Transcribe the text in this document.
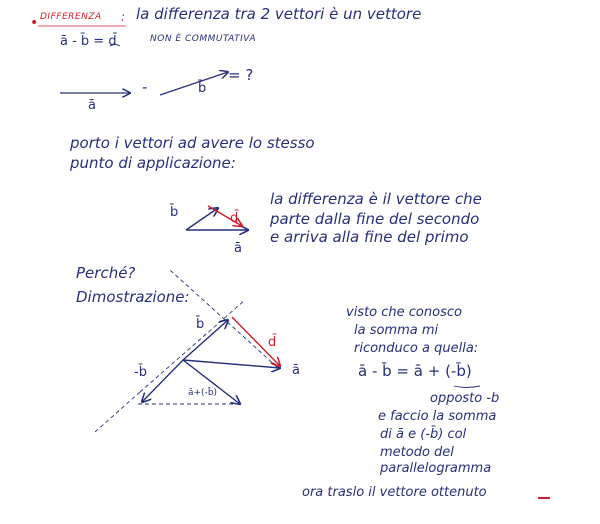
• DIFFERENZA : la differenza tra 2 vettori è un vettore
ā - b̄ = d̄	NON È COMMUTATIVA
ā
-	b̄
= ?
porto i vettori ad avere lo stesso
punto di applicazione:
b̄	d̄
ā
la differenza è il vettore che
parte dalla fine del secondo
e arriva alla fine del primo
Perché?
Dimostrazione:
b̄
-b̄
d̄
ā
ā+(-b̄)
visto che conosco
la somma mi
riconduco a quella:
ā - b̄ = ā + (-b̄)
opposto -b
e faccio la somma
di ā e (-b̄) col
metodo del
parallelogramma
ora traslo il vettore ottenuto
